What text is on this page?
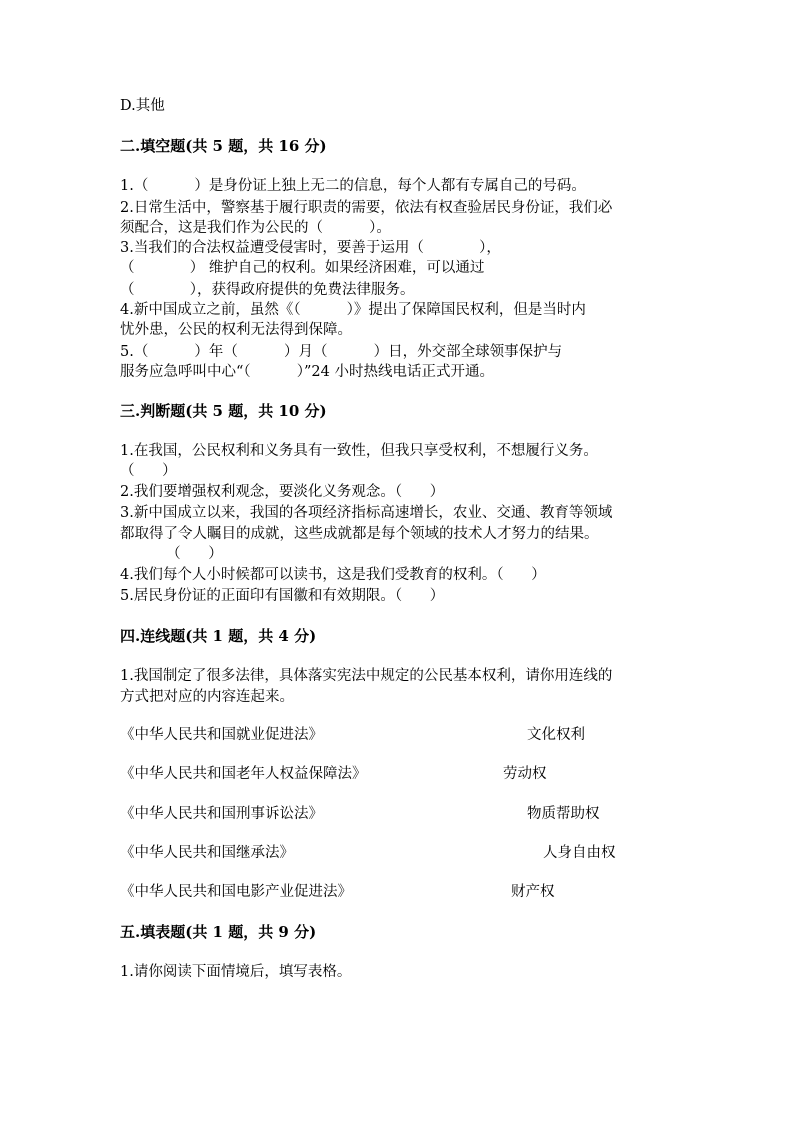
D.其他
二.填空题(共 5 题，共 16 分)
1.（          ）是身份证上独上无二的信息，每个人都有专属自己的号码。
2.日常生活中，警察基于履行职责的需要，依法有权查验居民身份证，我们必
须配合，这是我们作为公民的（          ）。
3.当我们的合法权益遭受侵害时，要善于运用（            ），
（            ） 维护自己的权利。如果经济困难，可以通过
（            ），获得政府提供的免费法律服务。
4.新中国成立之前，虽然《（          ）》提出了保障国民权利，但是当时内
忧外患，公民的权利无法得到保障。
5.（          ）年（          ）月（          ）日，外交部全球领事保护与
服务应急呼叫中心“（          ）”24 小时热线电话正式开通。
三.判断题(共 5 题，共 10 分)
1.在我国，公民权利和义务具有一致性，但我只享受权利，不想履行义务。
（      ）
2.我们要增强权利观念，要淡化义务观念。（      ）
3.新中国成立以来，我国的各项经济指标高速增长，农业、交通、教育等领域
都取得了令人瞩目的成就，这些成就都是每个领域的技术人才努力的结果。
（      ）
4.我们每个人小时候都可以读书，这是我们受教育的权利。（      ）
5.居民身份证的正面印有国徽和有效期限。（      ）
四.连线题(共 1 题，共 4 分)
1.我国制定了很多法律，具体落实宪法中规定的公民基本权利，请你用连线的
方式把对应的内容连起来。
《中华人民共和国就业促进法》	文化权利
《中华人民共和国老年人权益保障法》	劳动权
《中华人民共和国刑事诉讼法》	物质帮助权
《中华人民共和国继承法》	人身自由权
《中华人民共和国电影产业促进法》	财产权
五.填表题(共 1 题，共 9 分)
1.请你阅读下面情境后，填写表格。
